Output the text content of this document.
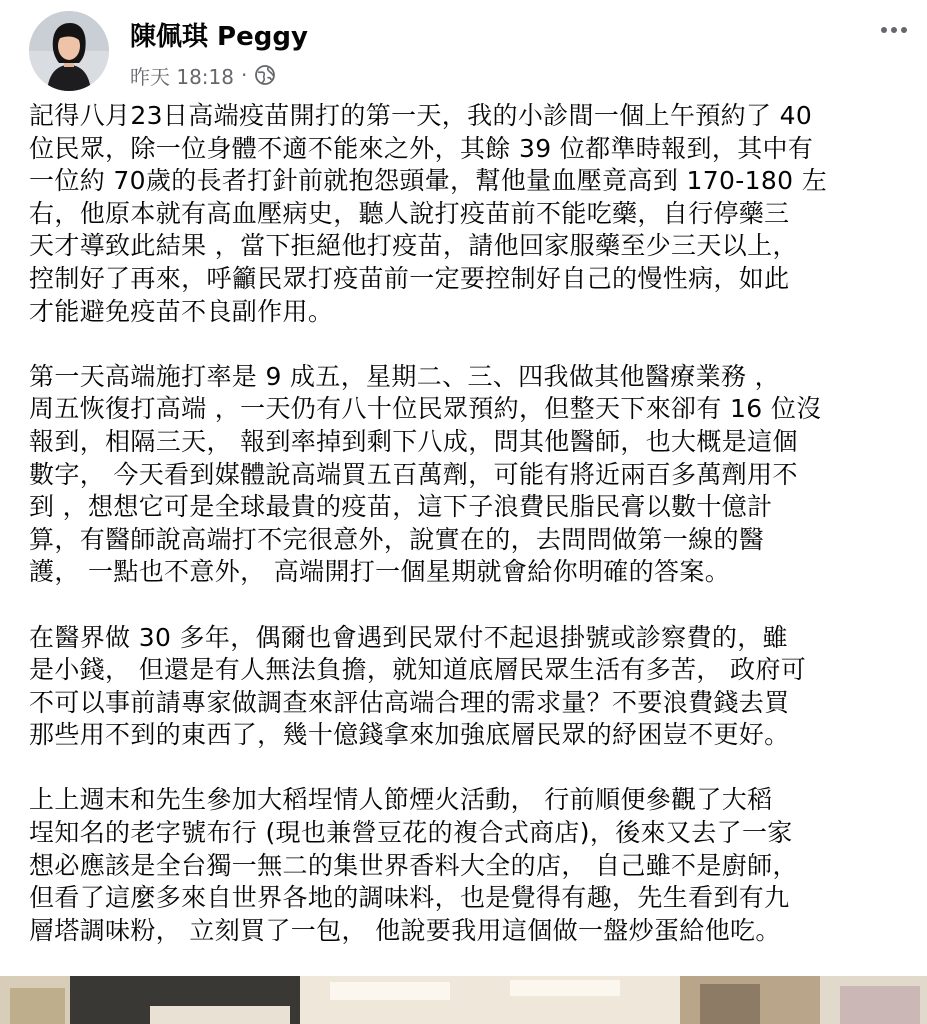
陳佩琪 Peggy
昨天 18:18 ·

記得八月23日高端疫苗開打的第一天，我的小診間一個上午預約了 40
位民眾，除一位身體不適不能來之外，其餘 39 位都準時報到，其中有
一位約 70歲的長者打針前就抱怨頭暈，幫他量血壓竟高到 170-180 左
右，他原本就有高血壓病史，聽人說打疫苗前不能吃藥，自行停藥三
天才導致此結果 ，當下拒絕他打疫苗，請他回家服藥至少三天以上，
控制好了再來，呼籲民眾打疫苗前一定要控制好自己的慢性病，如此
才能避免疫苗不良副作用。

第一天高端施打率是 9 成五，星期二、三、四我做其他醫療業務 ，
周五恢復打高端 ，一天仍有八十位民眾預約，但整天下來卻有 16 位沒
報到，相隔三天， 報到率掉到剩下八成，問其他醫師，也大概是這個
數字， 今天看到媒體說高端買五百萬劑，可能有將近兩百多萬劑用不
到 ，想想它可是全球最貴的疫苗，這下子浪費民脂民膏以數十億計
算，有醫師說高端打不完很意外，說實在的，去問問做第一線的醫
護， 一點也不意外， 高端開打一個星期就會給你明確的答案。

在醫界做 30 多年，偶爾也會遇到民眾付不起退掛號或診察費的，雖
是小錢， 但還是有人無法負擔，就知道底層民眾生活有多苦， 政府可
不可以事前請專家做調查來評估高端合理的需求量？不要浪費錢去買
那些用不到的東西了，幾十億錢拿來加強底層民眾的紓困豈不更好。

上上週末和先生參加大稻埕情人節煙火活動， 行前順便參觀了大稻
埕知名的老字號布行 (現也兼營豆花的複合式商店)，後來又去了一家
想必應該是全台獨一無二的集世界香料大全的店， 自己雖不是廚師，
但看了這麼多來自世界各地的調味料，也是覺得有趣，先生看到有九
層塔調味粉， 立刻買了一包， 他說要我用這個做一盤炒蛋給他吃。
